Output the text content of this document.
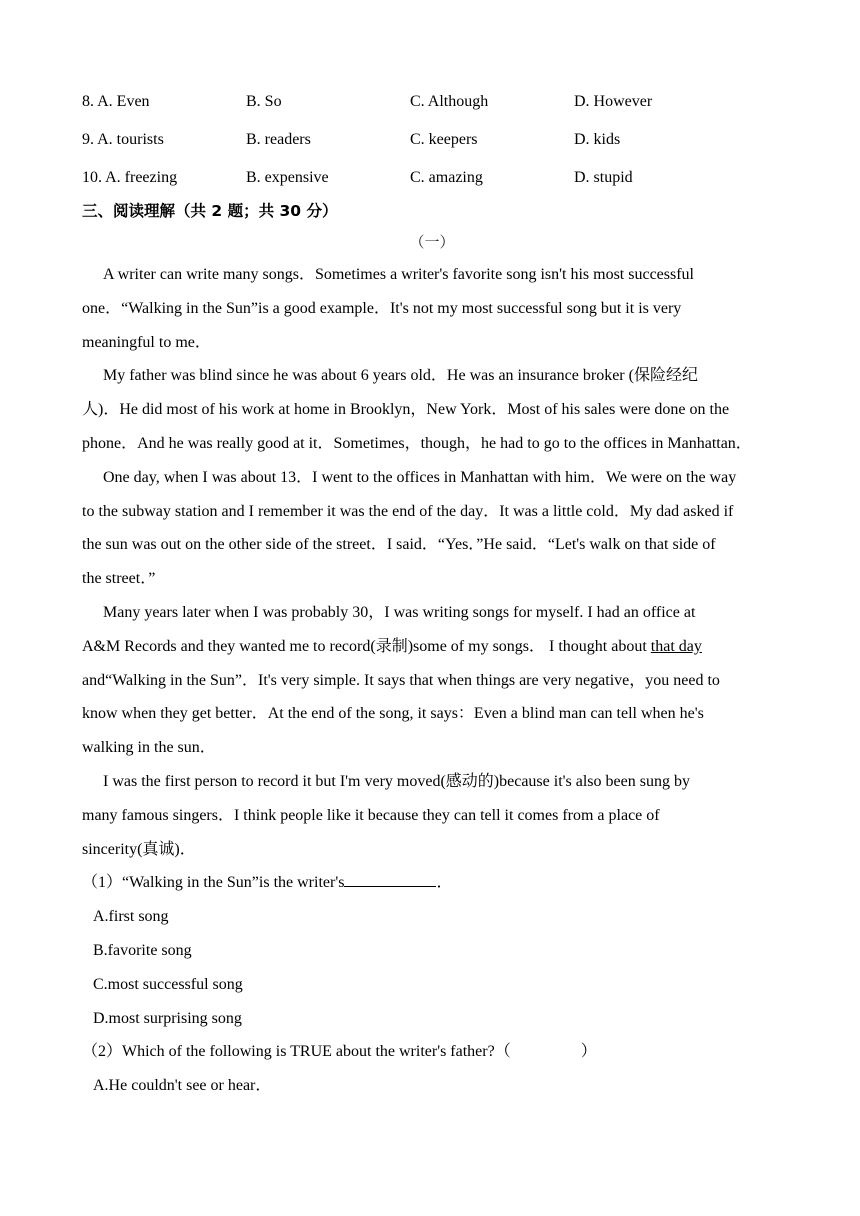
8. A. Even	B. So	C. Although	D. However
9. A. tourists	B. readers	C. keepers	D. kids
10. A. freezing	B. expensive	C. amazing	D. stupid
三、阅读理解（共 2 题；共 30 分）
（一）

A writer can write many songs．Sometimes a writer's favorite song isn't his most successful
one．“Walking in the Sun”is a good example．It's not my most successful song but it is very
meaningful to me．

My father was blind since he was about 6 years old．He was an insurance broker (保险经纪
人)．He did most of his work at home in Brooklyn，New York．Most of his sales were done on the
phone．And he was really good at it．Sometimes，though，he had to go to the offices in Manhattan．

One day, when I was about 13．I went to the offices in Manhattan with him．We were on the way
to the subway station and I remember it was the end of the day．It was a little cold．My dad asked if
the sun was out on the other side of the street．I said．“Yes．”He said．“Let's walk on that side of
the street．”

Many years later when I was probably 30，I was writing songs for myself. I had an office at
A&M Records and they wanted me to record(录制)some of my songs． I thought about that day
and“Walking in the Sun”．It's very simple. It says that when things are very negative，you need to
know when they get better．At the end of the song, it says：Even a blind man can tell when he's
walking in the sun．

I was the first person to record it but I'm very moved(感动的)because it's also been sung by
many famous singers．I think people like it because they can tell it comes from a place of
sincerity(真诚)．

（1）“Walking in the Sun”is the writer's	．

A.first song
B.favorite song
C.most successful song
D.most surprising song

（2）Which of the following is TRUE about the writer's father?（	）

A.He couldn't see or hear．
